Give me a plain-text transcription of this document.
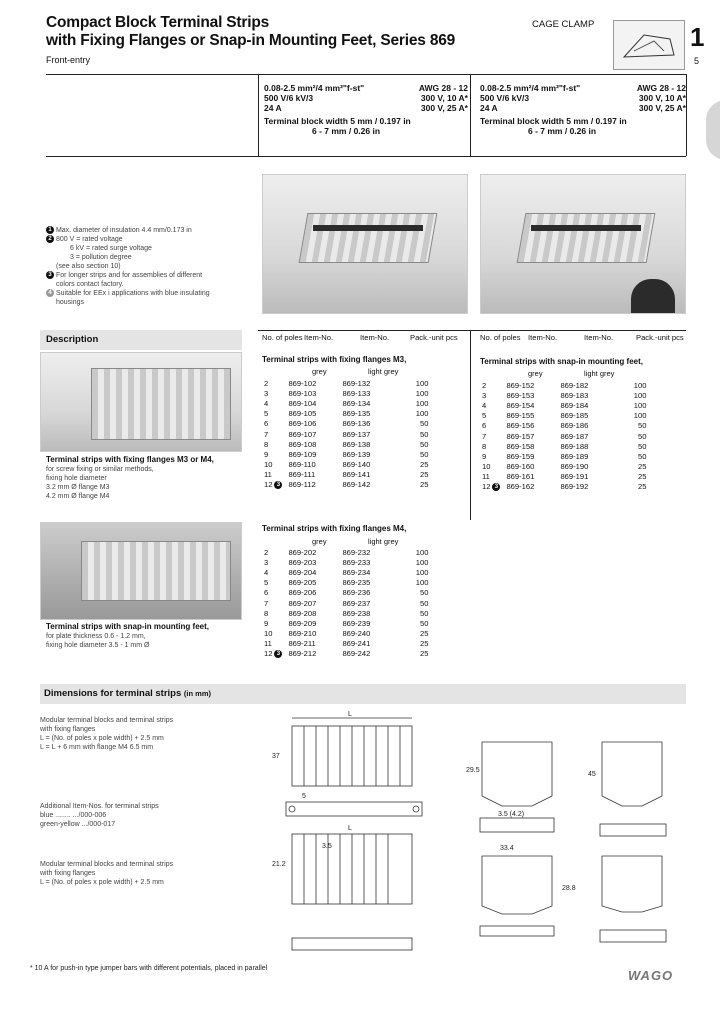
Compact Block Terminal Strips
with Fixing Flanges or Snap-in Mounting Feet, Series 869
Front-entry
CAGE CLAMP	1
5
0.08-2.5 mm²/4 mm²"f-st"	AWG 28 - 12
500 V/6 kV/3	300 V, 10 A*
24 A	300 V, 25 A*
Terminal block width 5 mm / 0.197 in
6 - 7 mm / 0.26 in
0.08-2.5 mm²/4 mm²"f-st"	AWG 28 - 12
500 V/6 kV/3	300 V, 10 A*
24 A	300 V, 25 A*
Terminal block width 5 mm / 0.197 in
6 - 7 mm / 0.26 in
1 Max. diameter of insulation 4.4 mm/0.173 in
2 800 V = rated voltage
6 kV = rated surge voltage
3 = pollution degree
(see also section 10)
3 For longer strips and for assemblies of different
colors contact factory.
4 Suitable for EEx i applications with blue insulating
housings
Description
Terminal strips with fixing flanges M3 or M4,
for screw fixing or similar methods,
fixing hole diameter
3.2 mm Ø flange M3
4.2 mm Ø flange M4
Terminal strips with snap-in mounting feet,
for plate thickness 0.6 - 1.2 mm,
fixing hole diameter 3.5 - 1 mm Ø
No. of poles Item-No.	Item-No.	Pack.-unit pcs
Terminal strips with fixing flanges M3,
grey	light grey
2	869-102	869-132	100
3	869-103	869-133	100
4	869-104	869-134	100
5	869-105	869-135	100
6	869-106	869-136	50
7	869-107	869-137	50
8	869-108	869-138	50
9	869-109	869-139	50
10	869-110	869-140	25
11	869-111	869-141	25
12 3	869-112	869-142	25
No. of poles Item-No.	Item-No.	Pack.-unit pcs
Terminal strips with snap-in mounting feet,
grey	light grey
2	869-152	869-182	100
3	869-153	869-183	100
4	869-154	869-184	100
5	869-155	869-185	100
6	869-156	869-186	50
7	869-157	869-187	50
8	869-158	869-188	50
9	869-159	869-189	50
10	869-160	869-190	25
11	869-161	869-191	25
12 3	869-162	869-192	25
Terminal strips with fixing flanges M4,
grey	light grey
2	869-202	869-232	100
3	869-203	869-233	100
4	869-204	869-234	100
5	869-205	869-235	100
6	869-206	869-236	50
7	869-207	869-237	50
8	869-208	869-238	50
9	869-209	869-239	50
10	869-210	869-240	25
11	869-211	869-241	25
12 3	869-212	869-242	25
Dimensions for terminal strips (in mm)
Modular terminal blocks and terminal strips
with fixing flanges
L = (No. of poles x pole width) + 2.5 mm
L = L + 6 mm with flange M4 6.5 mm
Additional Item-Nos. for terminal strips
blue ........ .../000-006
green-yellow .../000-017
Modular terminal blocks and terminal strips
with fixing flanges
L = (No. of poles x pole width) + 2.5 mm
L
5
3.5
37
29.5
21.2
33.4
28.8
45
3.5 (4.2)
L
* 10 A for push-in type jumper bars with different potentials, placed in parallel	WAGO
